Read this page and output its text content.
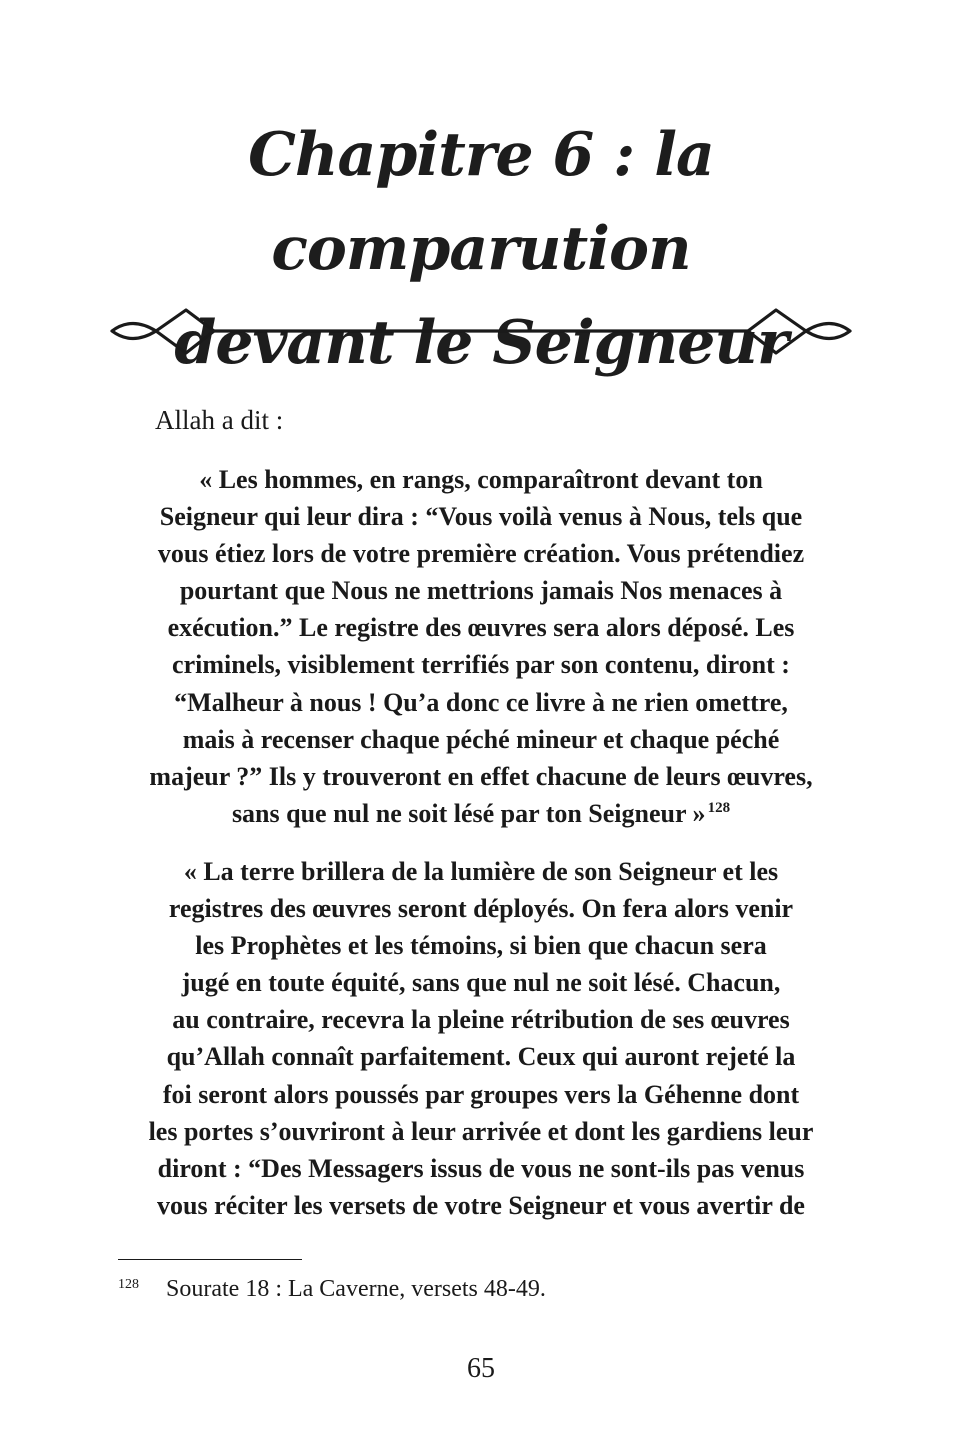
Chapitre 6 : la comparution
devant le Seigneur
Allah a dit :
« Les hommes, en rangs, comparaîtront devant ton
Seigneur qui leur dira : “Vous voilà venus à Nous, tels que
vous étiez lors de votre première création. Vous prétendiez
pourtant que Nous ne mettrions jamais Nos menaces à
exécution.” Le registre des œuvres sera alors déposé. Les
criminels, visiblement terrifiés par son contenu, diront :
“Malheur à nous ! Qu’a donc ce livre à ne rien omettre,
mais à recenser chaque péché mineur et chaque péché
majeur ?” Ils y trouveront en effet chacune de leurs œuvres,
sans que nul ne soit lésé par ton Seigneur » $^{128}$
« La terre brillera de la lumière de son Seigneur et les
registres des œuvres seront déployés. On fera alors venir
les Prophètes et les témoins, si bien que chacun sera
jugé en toute équité, sans que nul ne soit lésé. Chacun,
au contraire, recevra la pleine rétribution de ses œuvres
qu’Allah connaît parfaitement. Ceux qui auront rejeté la
foi seront alors poussés par groupes vers la Géhenne dont
les portes s’ouvriront à leur arrivée et dont les gardiens leur
diront : “Des Messagers issus de vous ne sont-ils pas venus
vous réciter les versets de votre Seigneur et vous avertir de
128 Sourate 18 : La Caverne, versets 48-49.
65
